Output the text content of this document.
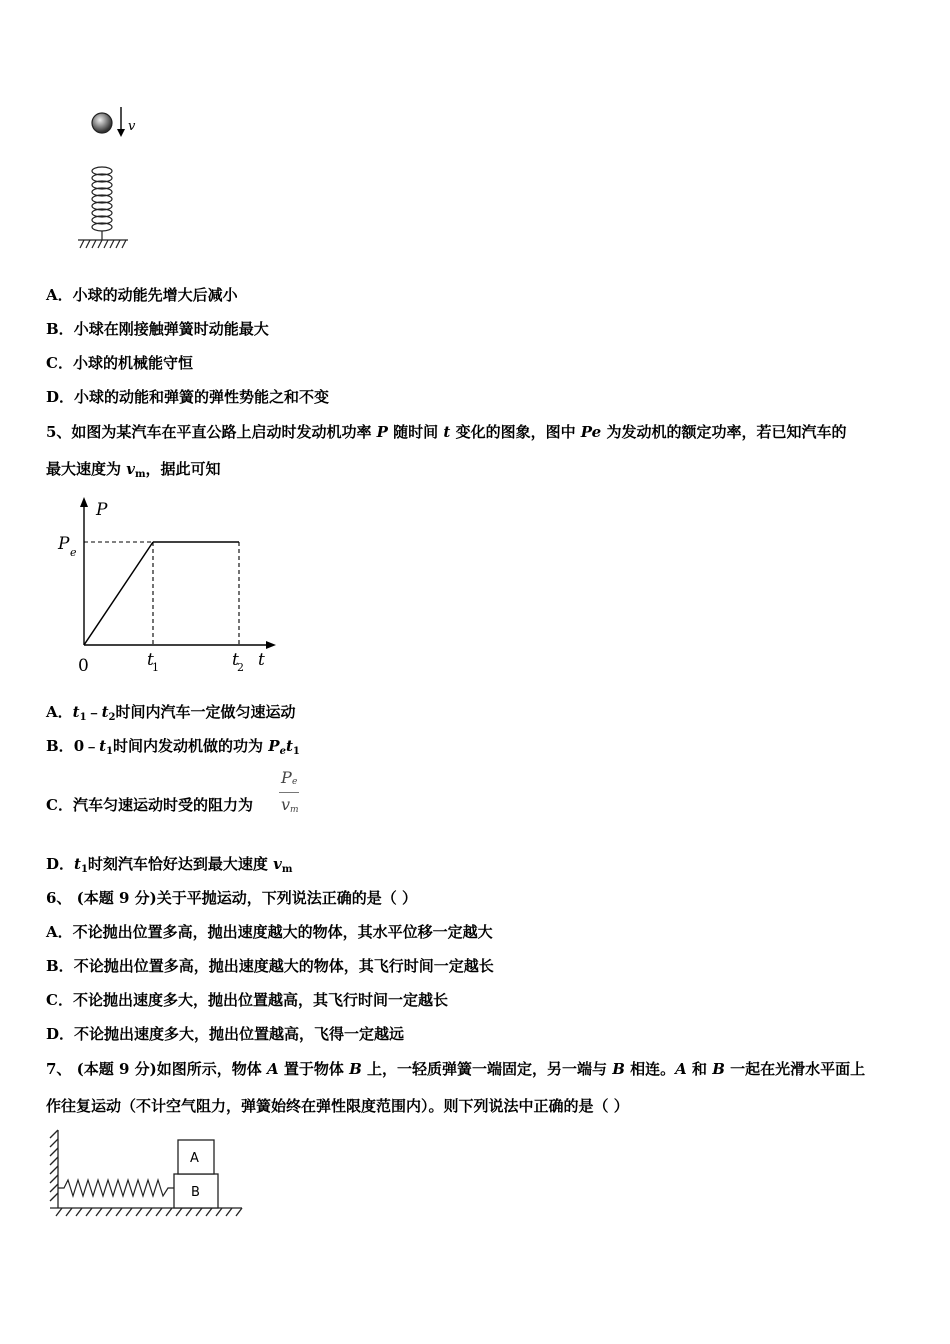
v
A．小球的动能先增大后减小
B．小球在刚接触弹簧时动能最大
C．小球的机械能守恒
D．小球的动能和弹簧的弹性势能之和不变
5、如图为某汽车在平直公路上启动时发动机功率 P 随时间 t 变化的图象，图中 Pe 为发动机的额定功率，若已知汽车的
最大速度为 $v_m$，据此可知
P
P e
0	t
1	t
2 t
A．$t_1﹣t_2$时间内汽车一定做匀速运动
B．$0﹣t_1$时间内发动机做的功为 $P_et_1$
C．汽车匀速运动时受的阻力为
P e
v m
D．$t_1$时刻汽车恰好达到最大速度 $v_m$
6、 (本题 9 分)关于平抛运动，下列说法正确的是（ ）
A．不论抛出位置多高，抛出速度越大的物体，其水平位移一定越大
B．不论抛出位置多高，抛出速度越大的物体，其飞行时间一定越长
C．不论抛出速度多大，抛出位置越高，其飞行时间一定越长
D．不论抛出速度多大，抛出位置越高，飞得一定越远
7、 (本题 9 分)如图所示，物体 A 置于物体 B 上，一轻质弹簧一端固定，另一端与 B 相连。A 和 B 一起在光滑水平面上
作往复运动（不计空气阻力，弹簧始终在弹性限度范围内）。则下列说法中正确的是（ ）
B
A
